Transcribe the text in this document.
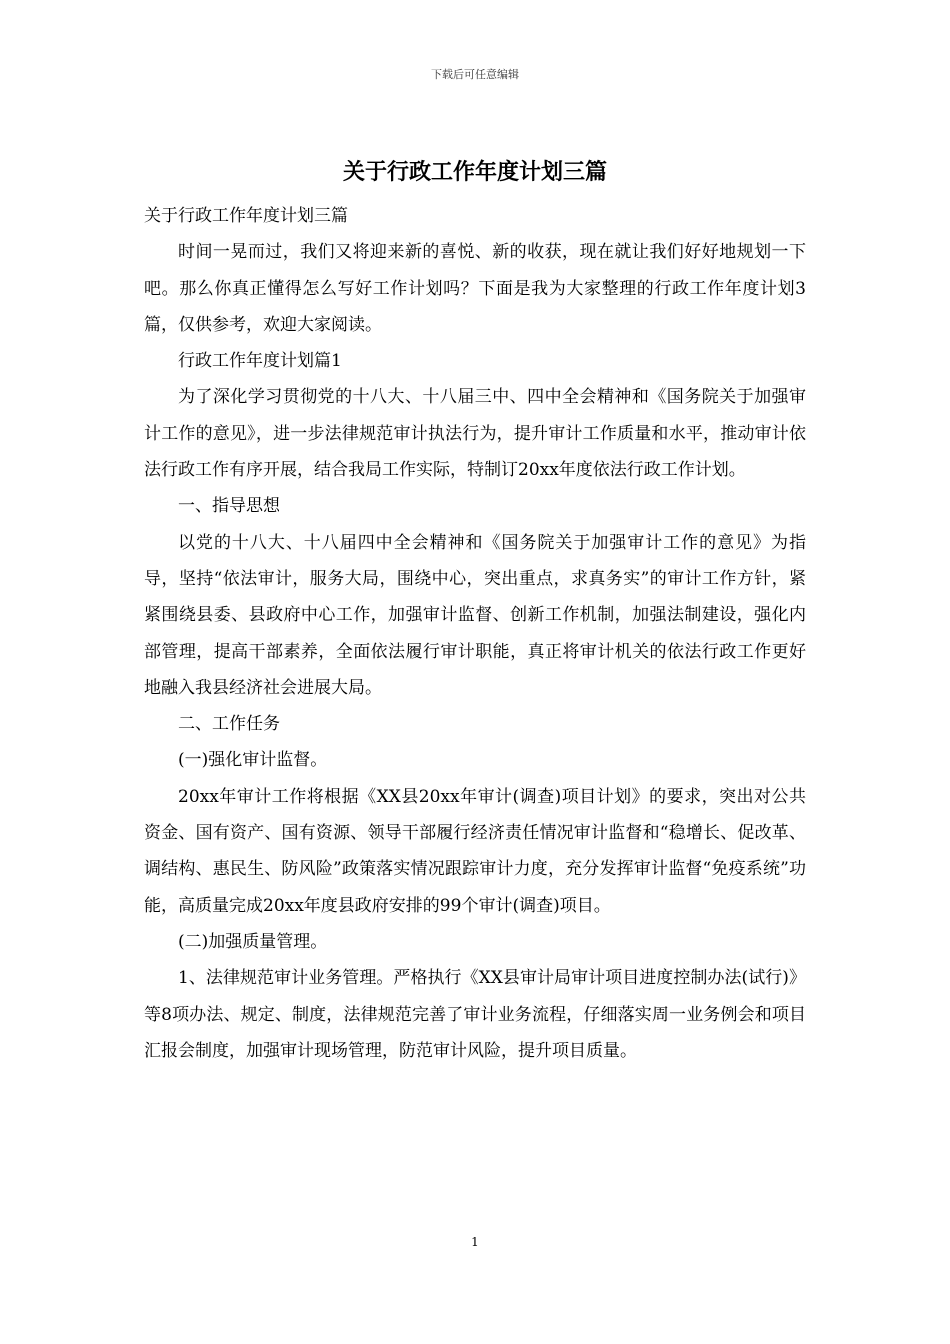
下载后可任意编辑
关于行政工作年度计划三篇

关于行政工作年度计划三篇

时间一晃而过，我们又将迎来新的喜悦、新的收获，现在就让我们好好地规划一下吧。那么你真正懂得怎么写好工作计划吗？下面是我为大家整理的行政工作年度计划3篇，仅供参考，欢迎大家阅读。

行政工作年度计划篇1

为了深化学习贯彻党的十八大、十八届三中、四中全会精神和《国务院关于加强审计工作的意见》，进一步法律规范审计执法行为，提升审计工作质量和水平，推动审计依法行政工作有序开展，结合我局工作实际，特制订20xx年度依法行政工作计划。

一、指导思想

以党的十八大、十八届四中全会精神和《国务院关于加强审计工作的意见》为指导，坚持“依法审计，服务大局，围绕中心，突出重点，求真务实”的审计工作方针，紧紧围绕县委、县政府中心工作，加强审计监督、创新工作机制，加强法制建设，强化内部管理，提高干部素养，全面依法履行审计职能，真正将审计机关的依法行政工作更好地融入我县经济社会进展大局。

二、工作任务

(一)强化审计监督。

20xx年审计工作将根据《XX县20xx年审计(调查)项目计划》的要求，突出对公共资金、国有资产、国有资源、领导干部履行经济责任情况审计监督和“稳增长、促改革、调结构、惠民生、防风险”政策落实情况跟踪审计力度，充分发挥审计监督“免疫系统”功能，高质量完成20xx年度县政府安排的99个审计(调查)项目。

(二)加强质量管理。

1、法律规范审计业务管理。严格执行《XX县审计局审计项目进度控制办法(试行)》等8项办法、规定、制度，法律规范完善了审计业务流程，仔细落实周一业务例会和项目汇报会制度，加强审计现场管理，防范审计风险，提升项目质量。

1
